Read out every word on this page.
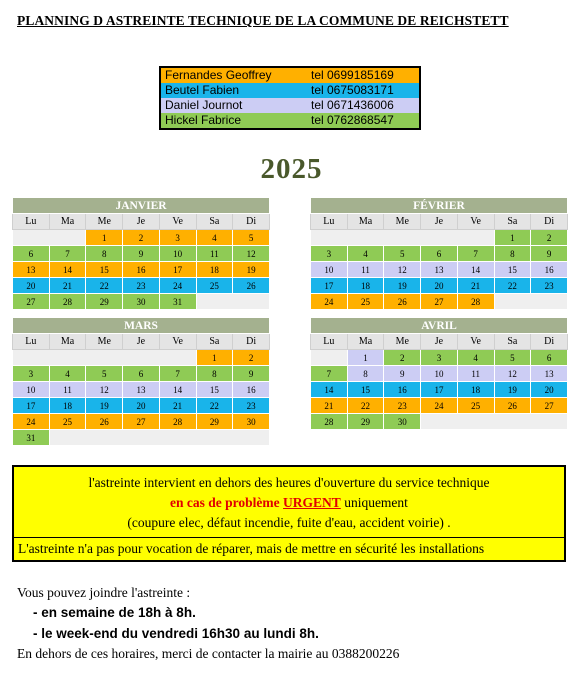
PLANNING D ASTREINTE TECHNIQUE DE LA COMMUNE DE REICHSTETT
Fernandes Geoffrey	tel 0699185169
Beutel Fabien	tel 0675083171
Daniel Journot	tel 0671436006
Hickel Fabrice	tel 0762868547
2025
JANVIER						
Lu	Ma	Me	Je	Ve	Sa	Di
		1	2	3	4	5
6	7	8	9	10	11	12
13	14	15	16	17	18	19
20	21	22	23	24	25	26
27	28	29	30	31		
FÉVRIER						
Lu	Ma	Me	Je	Ve	Sa	Di
					1	2
3	4	5	6	7	8	9
10	11	12	13	14	15	16
17	18	19	20	21	22	23
24	25	26	27	28		
MARS						
Lu	Ma	Me	Je	Ve	Sa	Di
					1	2
3	4	5	6	7	8	9
10	11	12	13	14	15	16
17	18	19	20	21	22	23
24	25	26	27	28	29	30
31						
AVRIL						
Lu	Ma	Me	Je	Ve	Sa	Di
	1	2	3	4	5	6
7	8	9	10	11	12	13
14	15	16	17	18	19	20
21	22	23	24	25	26	27
28	29	30				
l'astreinte intervient en dehors des heures d'ouverture du service technique
en cas de problème URGENT uniquement
(coupure elec, défaut incendie, fuite d'eau, accident voirie) .
L'astreinte n'a pas pour vocation de réparer, mais de mettre en sécurité les installations
Vous pouvez joindre l'astreinte :
- en semaine de 18h à 8h.
- le week-end du vendredi 16h30 au lundi 8h.
En dehors de ces horaires, merci de contacter la mairie au 0388200226
